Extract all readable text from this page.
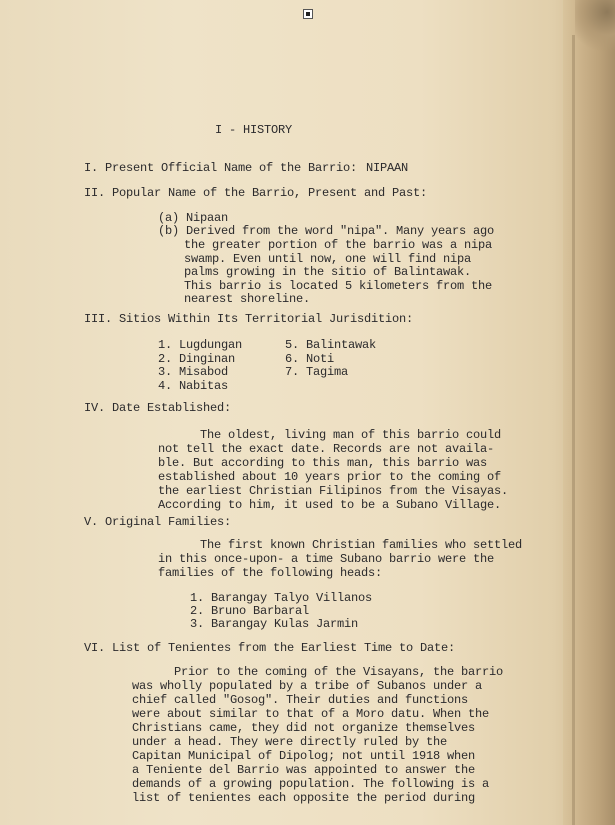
I - HISTORY
I. Present Official Name of the Barrio: NIPAAN
II. Popular Name of the Barrio, Present and Past:
(a) Nipaan
(b) Derived from the word "nipa". Many years ago
the greater portion of the barrio was a nipa
swamp. Even until now, one will find nipa
palms growing in the sitio of Balintawak.
This barrio is located 5 kilometers from the
nearest shoreline.
III. Sitios Within Its Territorial Jurisdition:
1. Lugdungan
2. Dinginan
3. Misabod
4. Nabitas
5. Balintawak
6. Noti
7. Tagima
IV. Date Established:
The oldest, living man of this barrio could
not tell the exact date. Records are not availa-
ble. But according to this man, this barrio was
established about 10 years prior to the coming of
the earliest Christian Filipinos from the Visayas.
According to him, it used to be a Subano Village.
V. Original Families:
The first known Christian families who settled
in this once-upon- a time Subano barrio were the
families of the following heads:
1. Barangay Talyo Villanos
2. Bruno Barbaral
3. Barangay Kulas Jarmin
VI. List of Tenientes from the Earliest Time to Date:
Prior to the coming of the Visayans, the barrio
was wholly populated by a tribe of Subanos under a
chief called "Gosog". Their duties and functions
were about similar to that of a Moro datu. When the
Christians came, they did not organize themselves
under a head. They were directly ruled by the
Capitan Municipal of Dipolog; not until 1918 when
a Teniente del Barrio was appointed to answer the
demands of a growing population. The following is a
list of tenientes each opposite the period during
